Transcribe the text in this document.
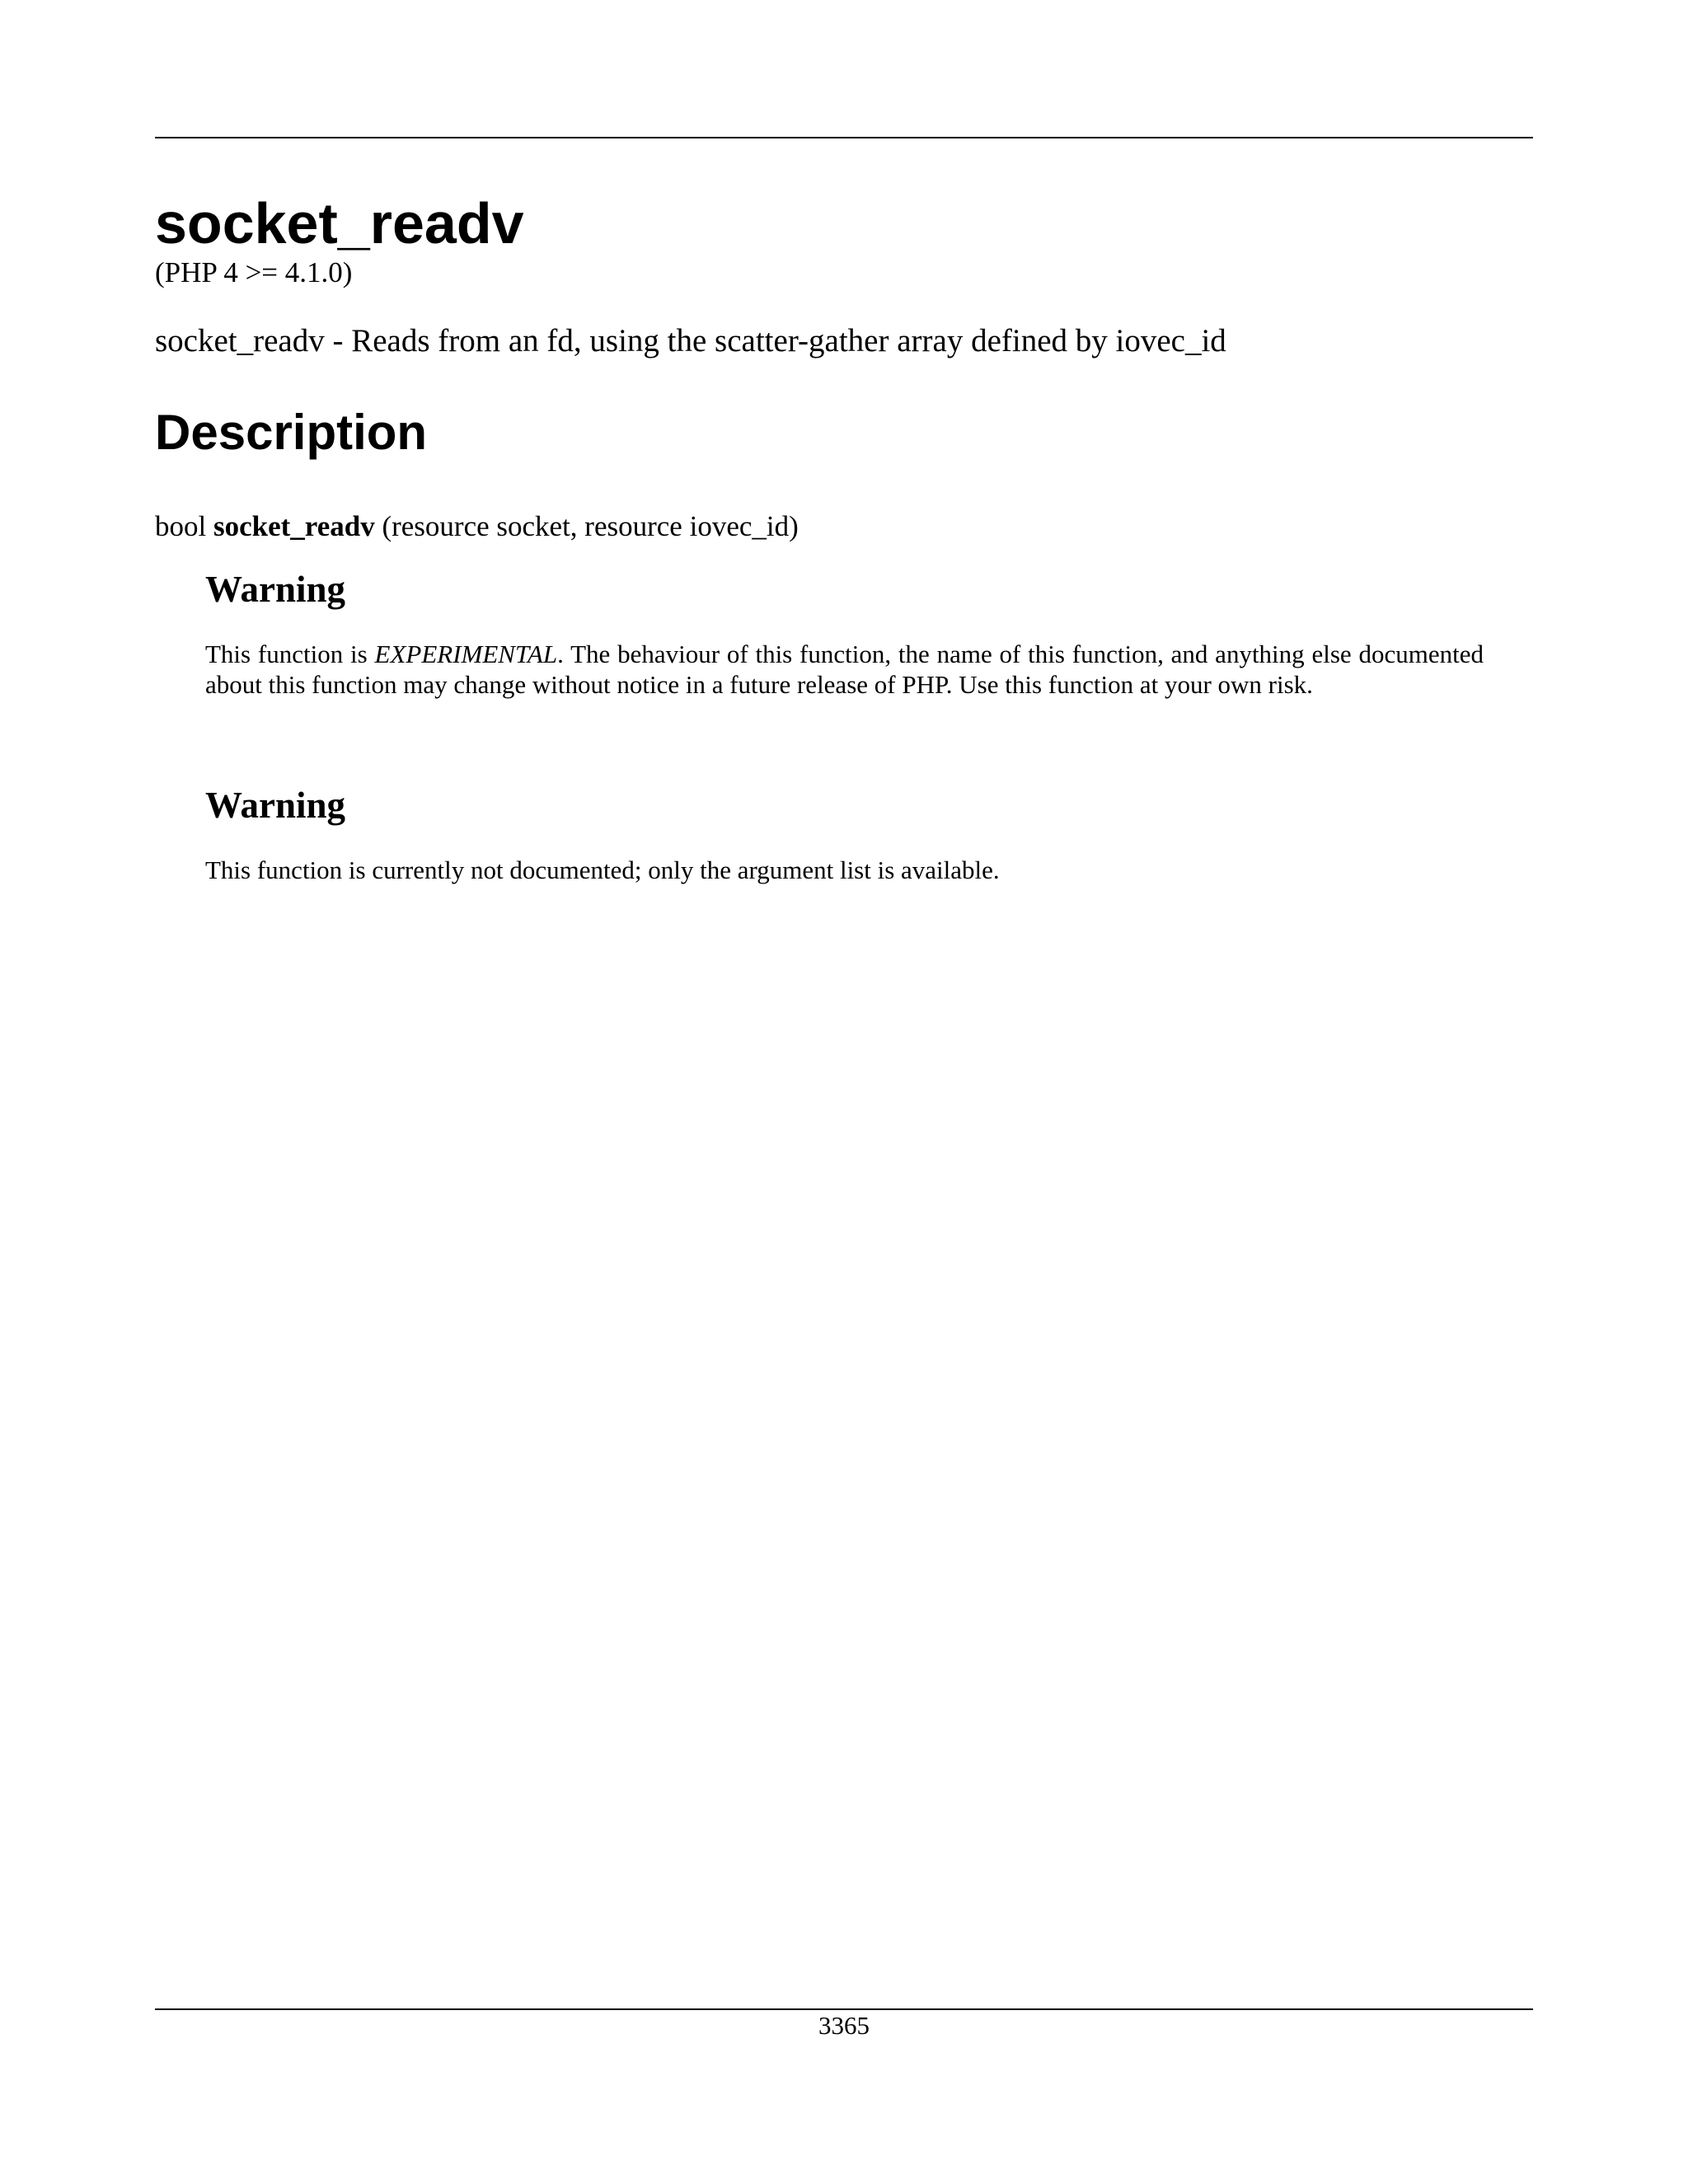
socket_readv
(PHP 4 >= 4.1.0)
socket_readv - Reads from an fd, using the scatter-gather array defined by iovec_id
Description
bool socket_readv (resource socket, resource iovec_id)
Warning

This function is EXPERIMENTAL. The behaviour of this function, the name of this function, and anything else documented about this function may change without notice in a future release of PHP. Use this function at your own risk.

Warning

This function is currently not documented; only the argument list is available.

3365
